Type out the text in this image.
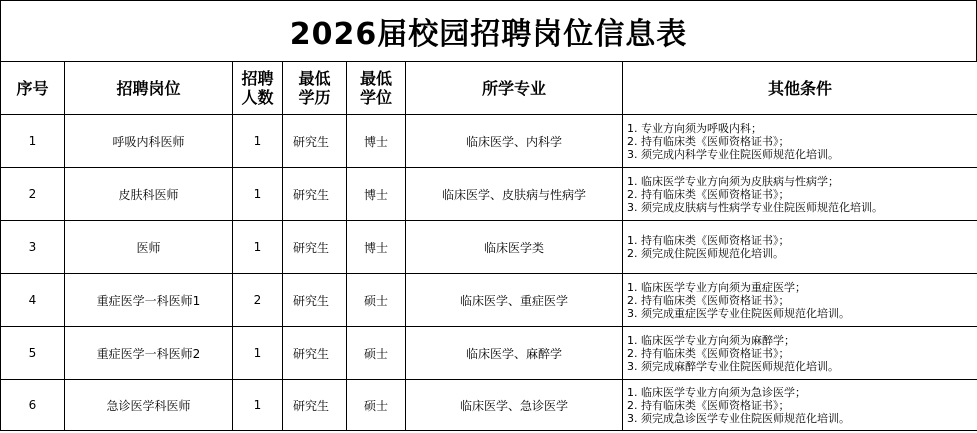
2026届校园招聘岗位信息表
序号	招聘岗位	招聘人数	最低学历	最低学位	所学专业	其他条件
1	呼吸内科医师	1	研究生	博士	临床医学、内科学	1. 专业方向须为呼吸内科；
2. 持有临床类《医师资格证书》；
3. 须完成内科学专业住院医师规范化培训。

2	皮肤科医师	1	研究生	博士	临床医学、皮肤病与性病学	1. 临床医学专业方向须为皮肤病与性病学；
2. 持有临床类《医师资格证书》；
3. 须完成皮肤病与性病学专业住院医师规范化培训。

3	医师	1	研究生	博士	临床医学类	1. 持有临床类《医师资格证书》；
2. 须完成住院医师规范化培训。

4	重症医学一科医师1	2	研究生	硕士	临床医学、重症医学	1. 临床医学专业方向须为重症医学；
2. 持有临床类《医师资格证书》；
3. 须完成重症医学专业住院医师规范化培训。

5	重症医学一科医师2	1	研究生	硕士	临床医学、麻醉学	1. 临床医学专业方向须为麻醉学；
2. 持有临床类《医师资格证书》；
3. 须完成麻醉学专业住院医师规范化培训。

6	急诊医学科医师	1	研究生	硕士	临床医学、急诊医学	1. 临床医学专业方向须为急诊医学；
2. 持有临床类《医师资格证书》；
3. 须完成急诊医学专业住院医师规范化培训。
